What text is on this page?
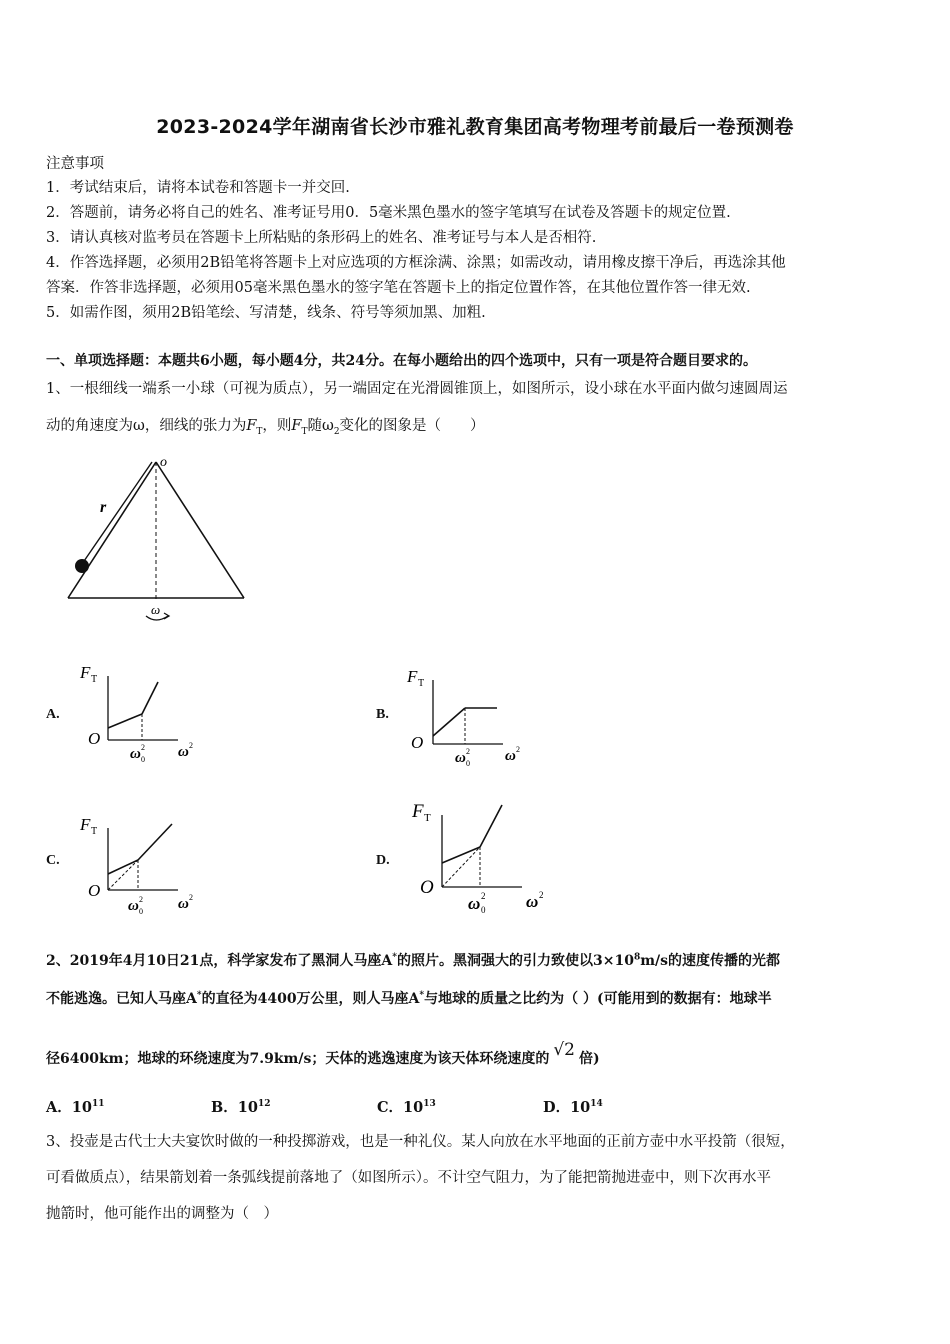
2023-2024学年湖南省长沙市雅礼教育集团高考物理考前最后一卷预测卷
注意事项
1．考试结束后，请将本试卷和答题卡一并交回.
2．答题前，请务必将自己的姓名、准考证号用0．5毫米黑色墨水的签字笔填写在试卷及答题卡的规定位置.
3．请认真核对监考员在答题卡上所粘贴的条形码上的姓名、准考证号与本人是否相符.
4．作答选择题，必须用2B铅笔将答题卡上对应选项的方框涂满、涂黑；如需改动，请用橡皮擦干净后，再选涂其他
答案．作答非选择题，必须用05毫米黑色墨水的签字笔在答题卡上的指定位置作答，在其他位置作答一律无效.
5．如需作图，须用2B铅笔绘、写清楚，线条、符号等须加黑、加粗.
一、单项选择题：本题共6小题，每小题4分，共24分。在每小题给出的四个选项中，只有一项是符合题目要求的。
1、一根细线一端系一小球（可视为质点），另一端固定在光滑圆锥顶上，如图所示，设小球在水平面内做匀速圆周运
动的角速度为ω，细线的张力为$F_T$，则$F_T$随$\omega_2$变化的图象是（　　）
o
r
ω
A.
F T
O
ω 2
0 ω 2
B.
F T
O
ω 2
0 ω 2
C.
F T
O
ω 2
0 ω 2
D.
F T
O
ω 2
0 ω 2
2、2019年4月10日21点，科学家发布了黑洞人马座A*的照片。黑洞强大的引力致使以$3\times 10^8m/s$的速度传播的光都
不能逃逸。已知人马座A*的直径为4400万公里，则人马座A*与地球的质量之比约为（ ）(可能用到的数据有：地球半
径6400km；地球的环绕速度为7.9km/s；天体的逃逸速度为该天体环绕速度的 √2 倍)
A．$10^{11}$	B．$10^{12}$	C．$10^{13}$	D．$10^{14}$
3、投壶是古代士大夫宴饮时做的一种投掷游戏，也是一种礼仪。某人向放在水平地面的正前方壶中水平投箭（很短，
可看做质点），结果箭划着一条弧线提前落地了（如图所示）。不计空气阻力，为了能把箭抛进壶中，则下次再水平
抛箭时，他可能作出的调整为（　）
